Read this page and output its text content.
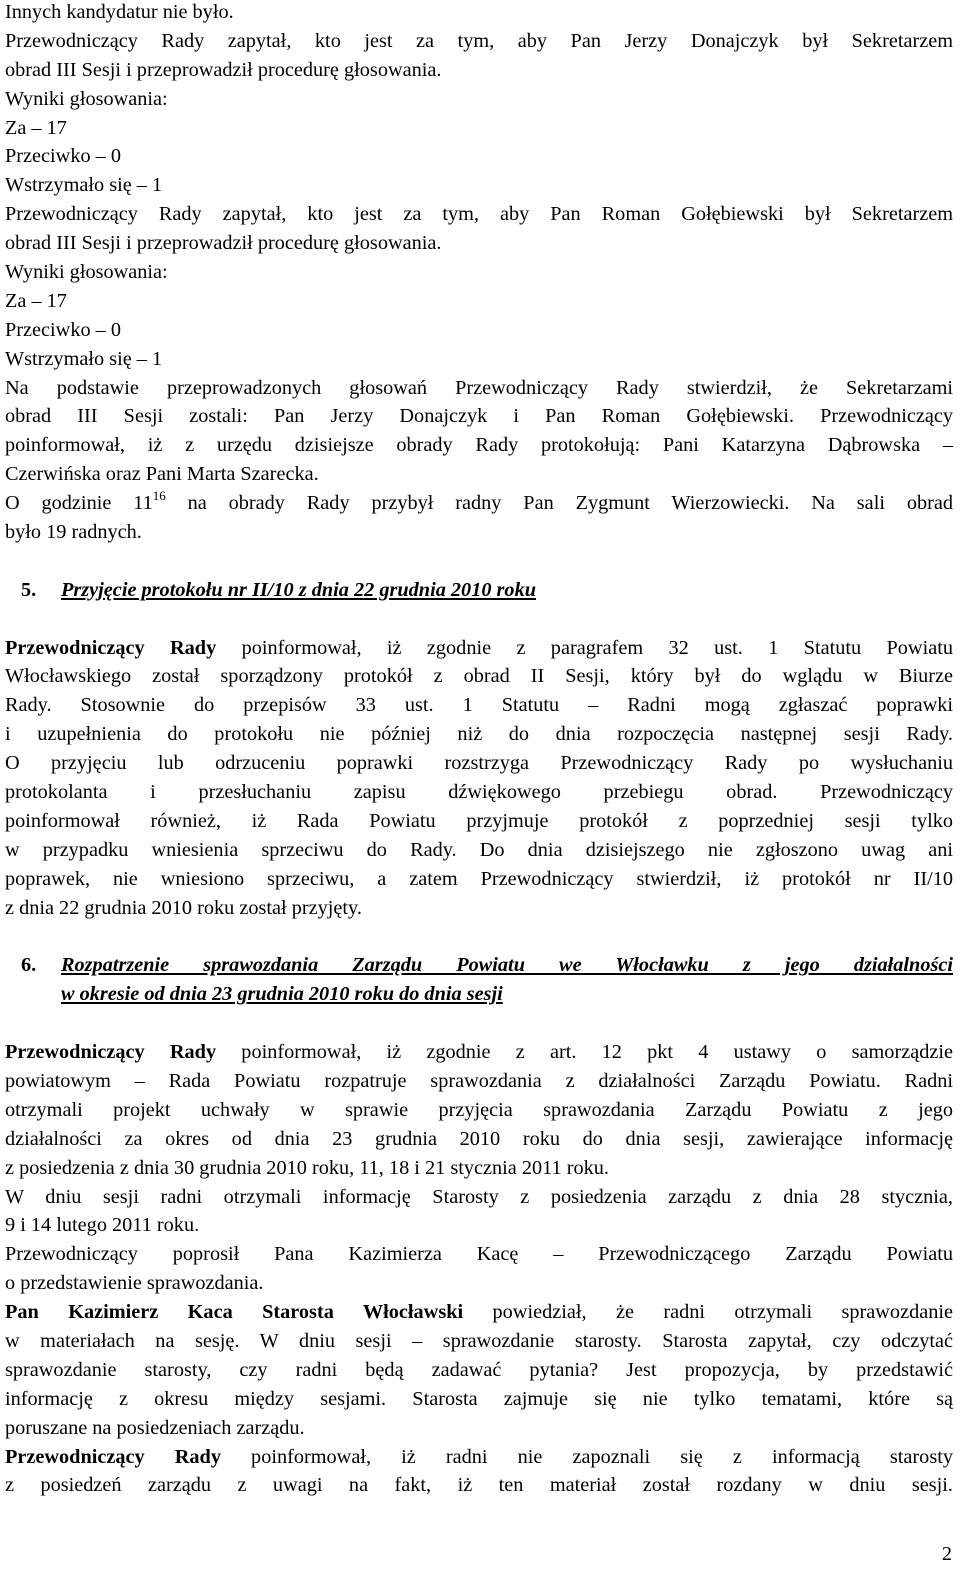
Innych kandydatur nie było.
Przewodniczący Rady zapytał, kto jest za tym, aby Pan Jerzy Donajczyk był Sekretarzem
obrad III Sesji i przeprowadził procedurę głosowania.
Wyniki głosowania:
Za – 17
Przeciwko – 0
Wstrzymało się – 1
Przewodniczący Rady zapytał, kto jest za tym, aby Pan Roman Gołębiewski był Sekretarzem
obrad III Sesji i przeprowadził procedurę głosowania.
Wyniki głosowania:
Za – 17
Przeciwko – 0
Wstrzymało się – 1
Na podstawie przeprowadzonych głosowań Przewodniczący Rady stwierdził, że Sekretarzami
obrad III Sesji zostali: Pan Jerzy Donajczyk i Pan Roman Gołębiewski. Przewodniczący
poinformował, iż z urzędu dzisiejsze obrady Rady protokołują: Pani Katarzyna Dąbrowska –
Czerwińska oraz Pani Marta Szarecka.
O godzinie $11^{16}$ na obrady Rady przybył radny Pan Zygmunt Wierzowiecki. Na sali obrad
było 19 radnych.
5. Przyjęcie protokołu nr II/10 z dnia 22 grudnia 2010 roku
Przewodniczący Rady poinformował, iż zgodnie z paragrafem 32 ust. 1 Statutu Powiatu
Włocławskiego został sporządzony protokół z obrad II Sesji, który był do wglądu w Biurze
Rady. Stosownie do przepisów 33 ust. 1 Statutu – Radni mogą zgłaszać poprawki
i uzupełnienia do protokołu nie później niż do dnia rozpoczęcia następnej sesji Rady.
O przyjęciu lub odrzuceniu poprawki rozstrzyga Przewodniczący Rady po wysłuchaniu
protokolanta i przesłuchaniu zapisu dźwiękowego przebiegu obrad. Przewodniczący
poinformował również, iż Rada Powiatu przyjmuje protokół z poprzedniej sesji tylko
w przypadku wniesienia sprzeciwu do Rady. Do dnia dzisiejszego nie zgłoszono uwag ani
poprawek, nie wniesiono sprzeciwu, a zatem Przewodniczący stwierdził, iż protokół nr II/10
z dnia 22 grudnia 2010 roku został przyjęty.
6. Rozpatrzenie sprawozdania Zarządu Powiatu we Włocławku z jego działalności
w okresie od dnia 23 grudnia 2010 roku do dnia sesji
Przewodniczący Rady poinformował, iż zgodnie z art. 12 pkt 4 ustawy o samorządzie
powiatowym – Rada Powiatu rozpatruje sprawozdania z działalności Zarządu Powiatu. Radni
otrzymali projekt uchwały w sprawie przyjęcia sprawozdania Zarządu Powiatu z jego
działalności za okres od dnia 23 grudnia 2010 roku do dnia sesji, zawierające informację
z posiedzenia z dnia 30 grudnia 2010 roku, 11, 18 i 21 stycznia 2011 roku.
W dniu sesji radni otrzymali informację Starosty z posiedzenia zarządu z dnia 28 stycznia,
9 i 14 lutego 2011 roku.
Przewodniczący poprosił Pana Kazimierza Kacę – Przewodniczącego Zarządu Powiatu
o przedstawienie sprawozdania.
Pan Kazimierz Kaca Starosta Włocławski powiedział, że radni otrzymali sprawozdanie
w materiałach na sesję. W dniu sesji – sprawozdanie starosty. Starosta zapytał, czy odczytać
sprawozdanie starosty, czy radni będą zadawać pytania? Jest propozycja, by przedstawić
informację z okresu między sesjami. Starosta zajmuje się nie tylko tematami, które są
poruszane na posiedzeniach zarządu.
Przewodniczący Rady poinformował, iż radni nie zapoznali się z informacją starosty
z posiedzeń zarządu z uwagi na fakt, iż ten materiał został rozdany w dniu sesji.
2
